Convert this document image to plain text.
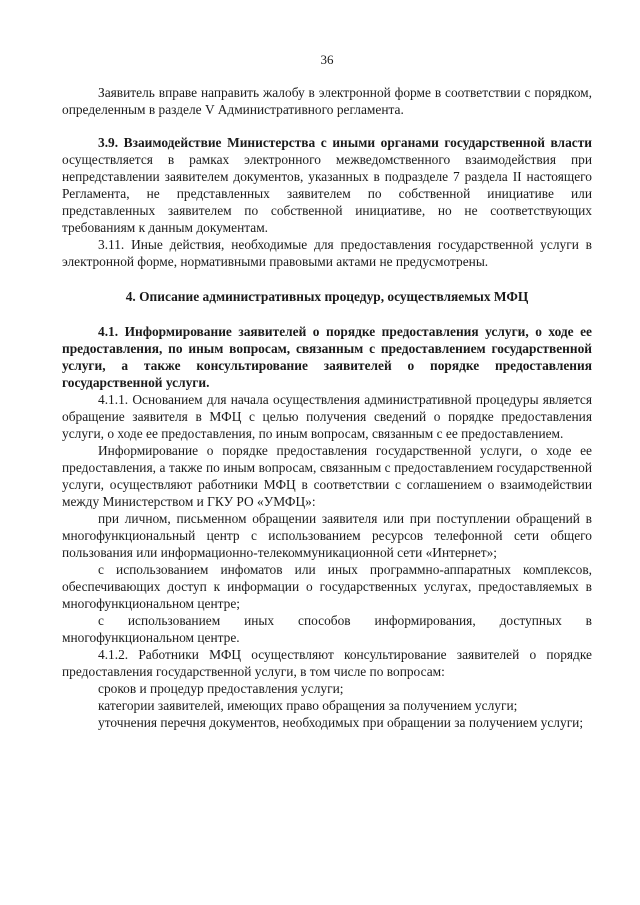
36

Заявитель вправе направить жалобу в электронной форме в соответствии с порядком, определенным в разделе V Административного регламента.

3.9. Взаимодействие Министерства с иными органами государственной власти осуществляется в рамках электронного межведомственного взаимодействия при непредставлении заявителем документов, указанных в подразделе 7 раздела II настоящего Регламента, не представленных заявителем по собственной инициативе или представленных заявителем по собственной инициативе, но не соответствующих требованиям к данным документам.

3.11. Иные действия, необходимые для предоставления государственной услуги в электронной форме, нормативными правовыми актами не предусмотрены.

4. Описание административных процедур, осуществляемых МФЦ

4.1. Информирование заявителей о порядке предоставления услуги, о ходе ее предоставления, по иным вопросам, связанным с предоставлением государственной услуги, а также консультирование заявителей о порядке предоставления государственной услуги.

4.1.1. Основанием для начала осуществления административной процедуры является обращение заявителя в МФЦ с целью получения сведений о порядке предоставления услуги, о ходе ее предоставления, по иным вопросам, связанным с ее предоставлением.

Информирование о порядке предоставления государственной услуги, о ходе ее предоставления, а также по иным вопросам, связанным с предоставлением государственной услуги, осуществляют работники МФЦ в соответствии с соглашением о взаимодействии между Министерством и ГКУ РО «УМФЦ»:

при личном, письменном обращении заявителя или при поступлении обращений в многофункциональный центр с использованием ресурсов телефонной сети общего пользования или информационно-телекоммуникационной сети «Интернет»;

с использованием инфоматов или иных программно-аппаратных комплексов, обеспечивающих доступ к информации о государственных услугах, предоставляемых в многофункциональном центре;

с использованием иных способов информирования, доступных в многофункциональном центре.

4.1.2. Работники МФЦ осуществляют консультирование заявителей о порядке предоставления государственной услуги, в том числе по вопросам:

сроков и процедур предоставления услуги;

категории заявителей, имеющих право обращения за получением услуги;

уточнения перечня документов, необходимых при обращении за получением услуги;
